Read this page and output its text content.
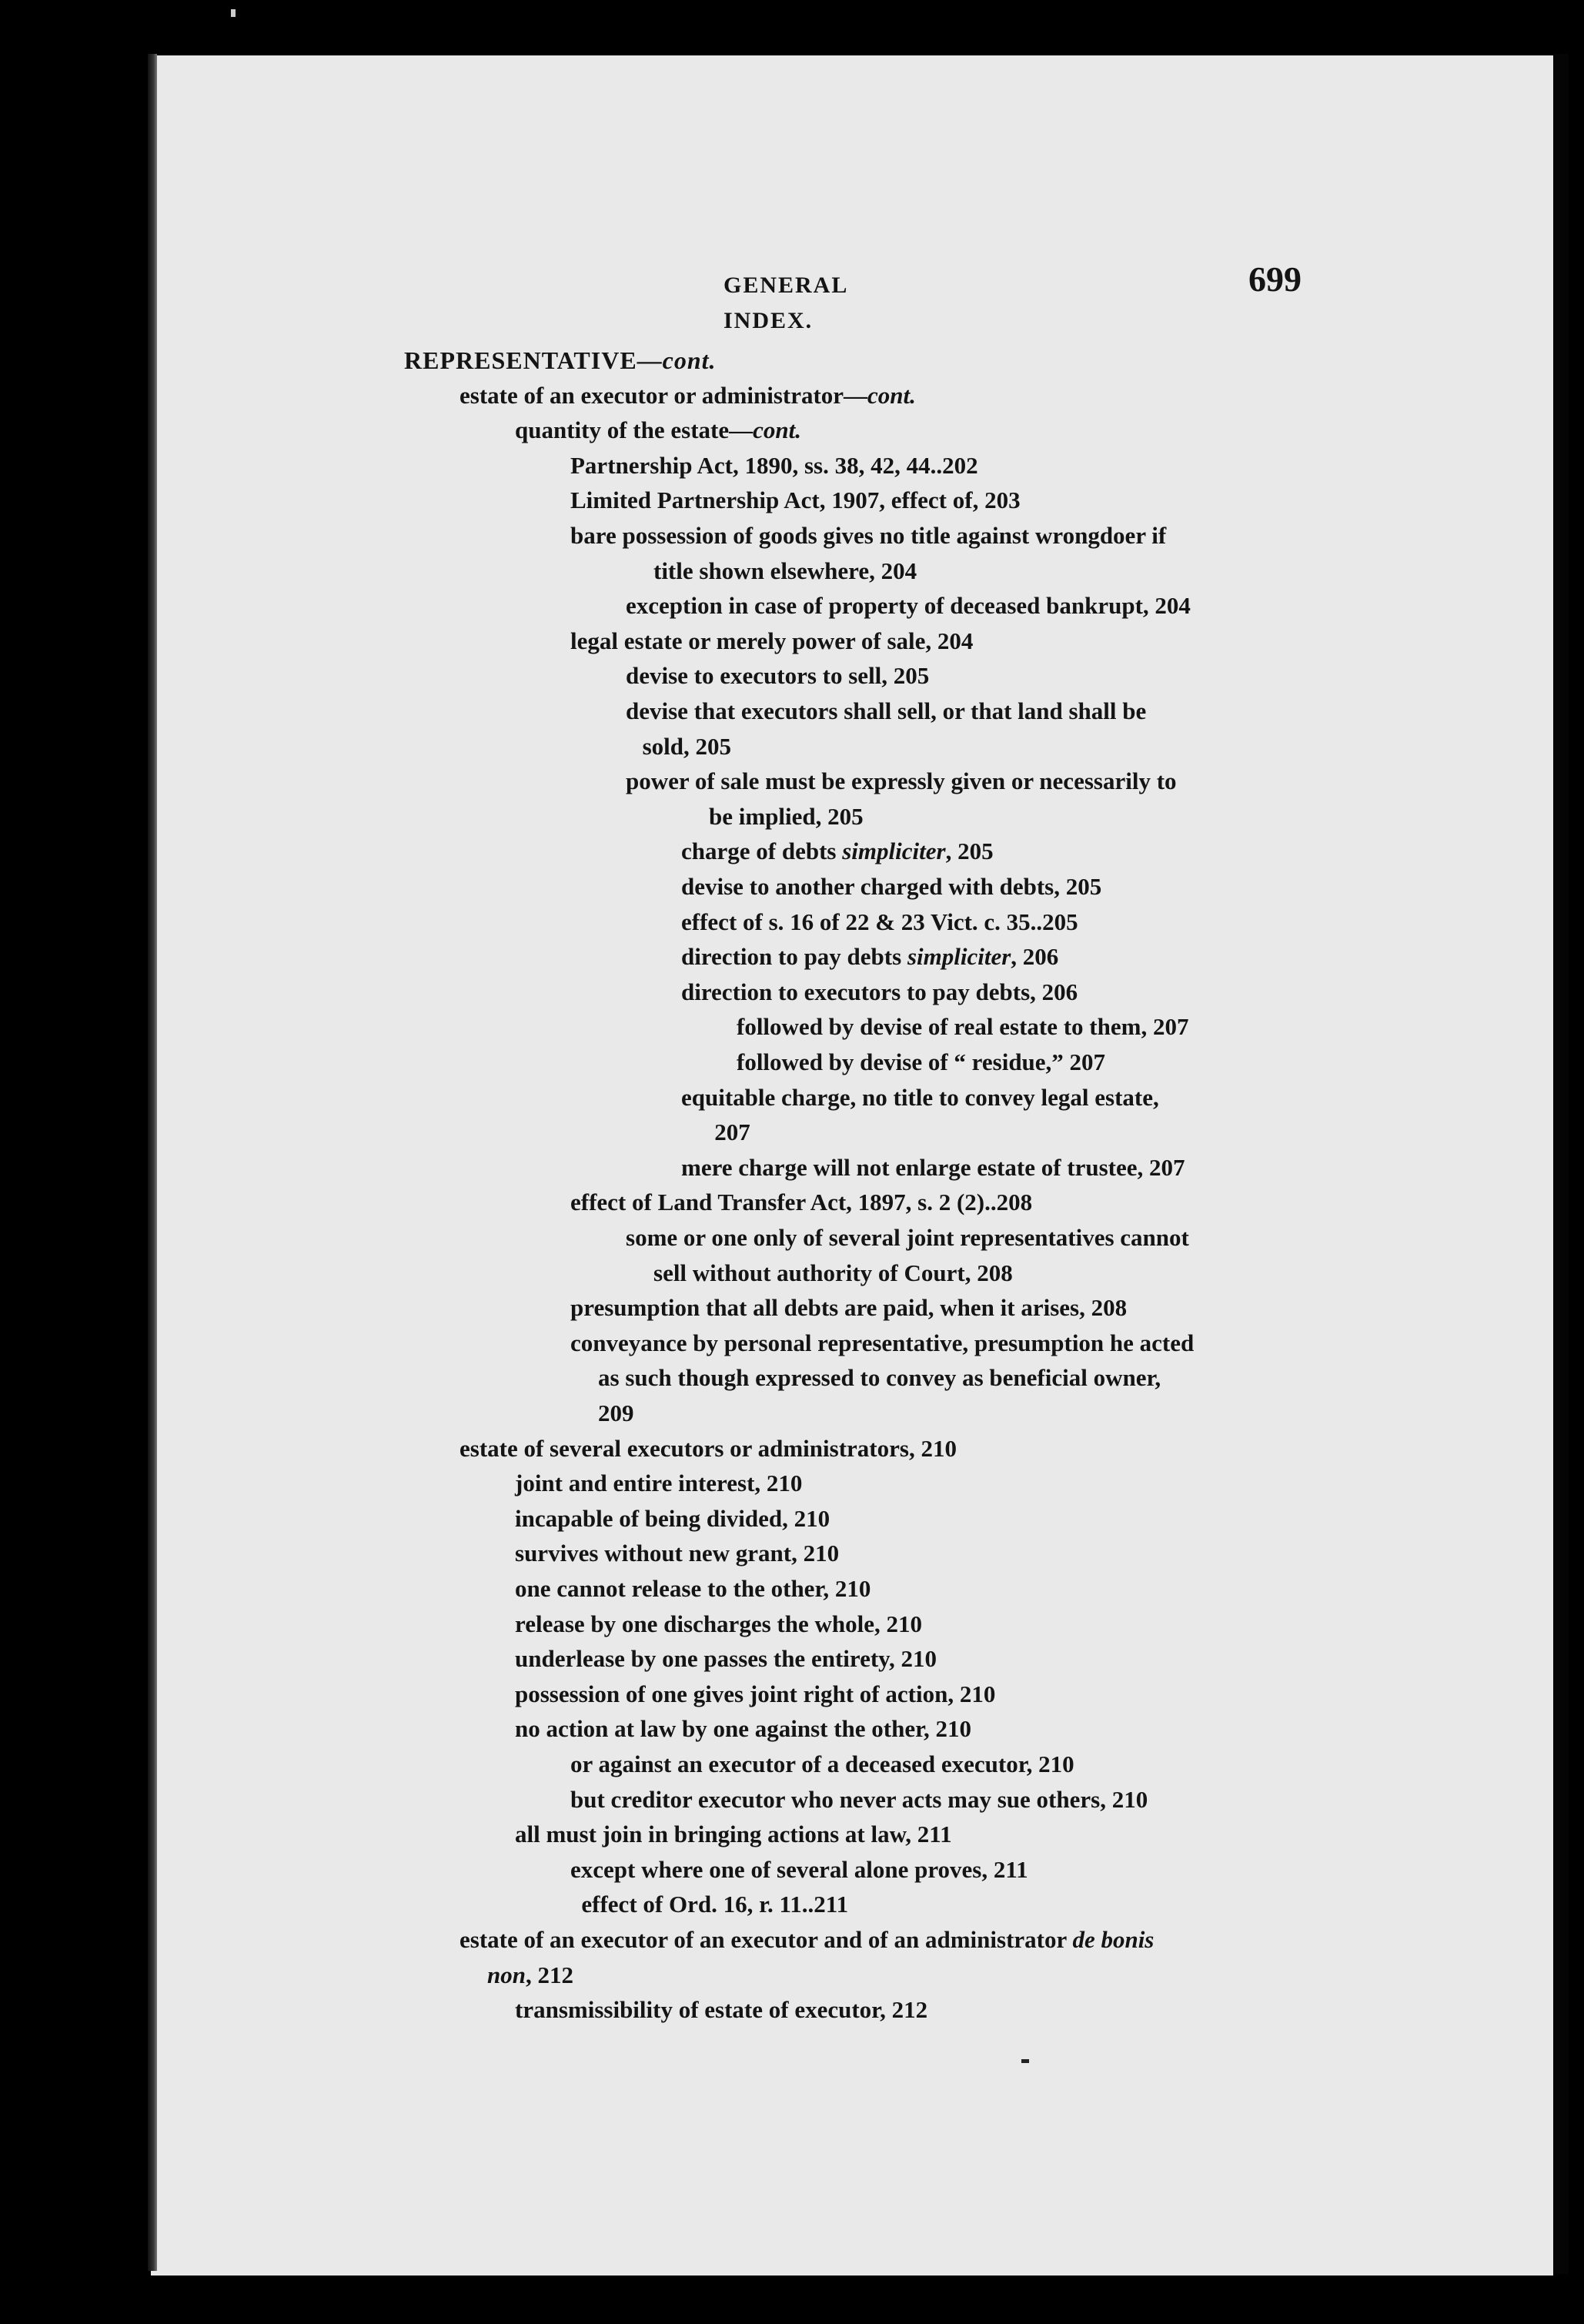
GENERAL INDEX.
699
REPRESENTATIVE—cont.
estate of an executor or administrator—cont.
quantity of the estate—cont.
Partnership Act, 1890, ss. 38, 42, 44..202
Limited Partnership Act, 1907, effect of, 203
bare possession of goods gives no title against wrongdoer if
title shown elsewhere, 204
exception in case of property of deceased bankrupt, 204
legal estate or merely power of sale, 204
devise to executors to sell, 205
devise that executors shall sell, or that land shall be
sold, 205
power of sale must be expressly given or necessarily to
be implied, 205
charge of debts simpliciter, 205
devise to another charged with debts, 205
effect of s. 16 of 22 & 23 Vict. c. 35..205
direction to pay debts simpliciter, 206
direction to executors to pay debts, 206
followed by devise of real estate to them, 207
followed by devise of “ residue,” 207
equitable charge, no title to convey legal estate,
207
mere charge will not enlarge estate of trustee, 207
effect of Land Transfer Act, 1897, s. 2 (2)..208
some or one only of several joint representatives cannot
sell without authority of Court, 208
presumption that all debts are paid, when it arises, 208
conveyance by personal representative, presumption he acted
as such though expressed to convey as beneficial owner,
209
estate of several executors or administrators, 210
joint and entire interest, 210
incapable of being divided, 210
survives without new grant, 210
one cannot release to the other, 210
release by one discharges the whole, 210
underlease by one passes the entirety, 210
possession of one gives joint right of action, 210
no action at law by one against the other, 210
or against an executor of a deceased executor, 210
but creditor executor who never acts may sue others, 210
all must join in bringing actions at law, 211
except where one of several alone proves, 211
effect of Ord. 16, r. 11..211
estate of an executor of an executor and of an administrator de bonis
non, 212
transmissibility of estate of executor, 212
